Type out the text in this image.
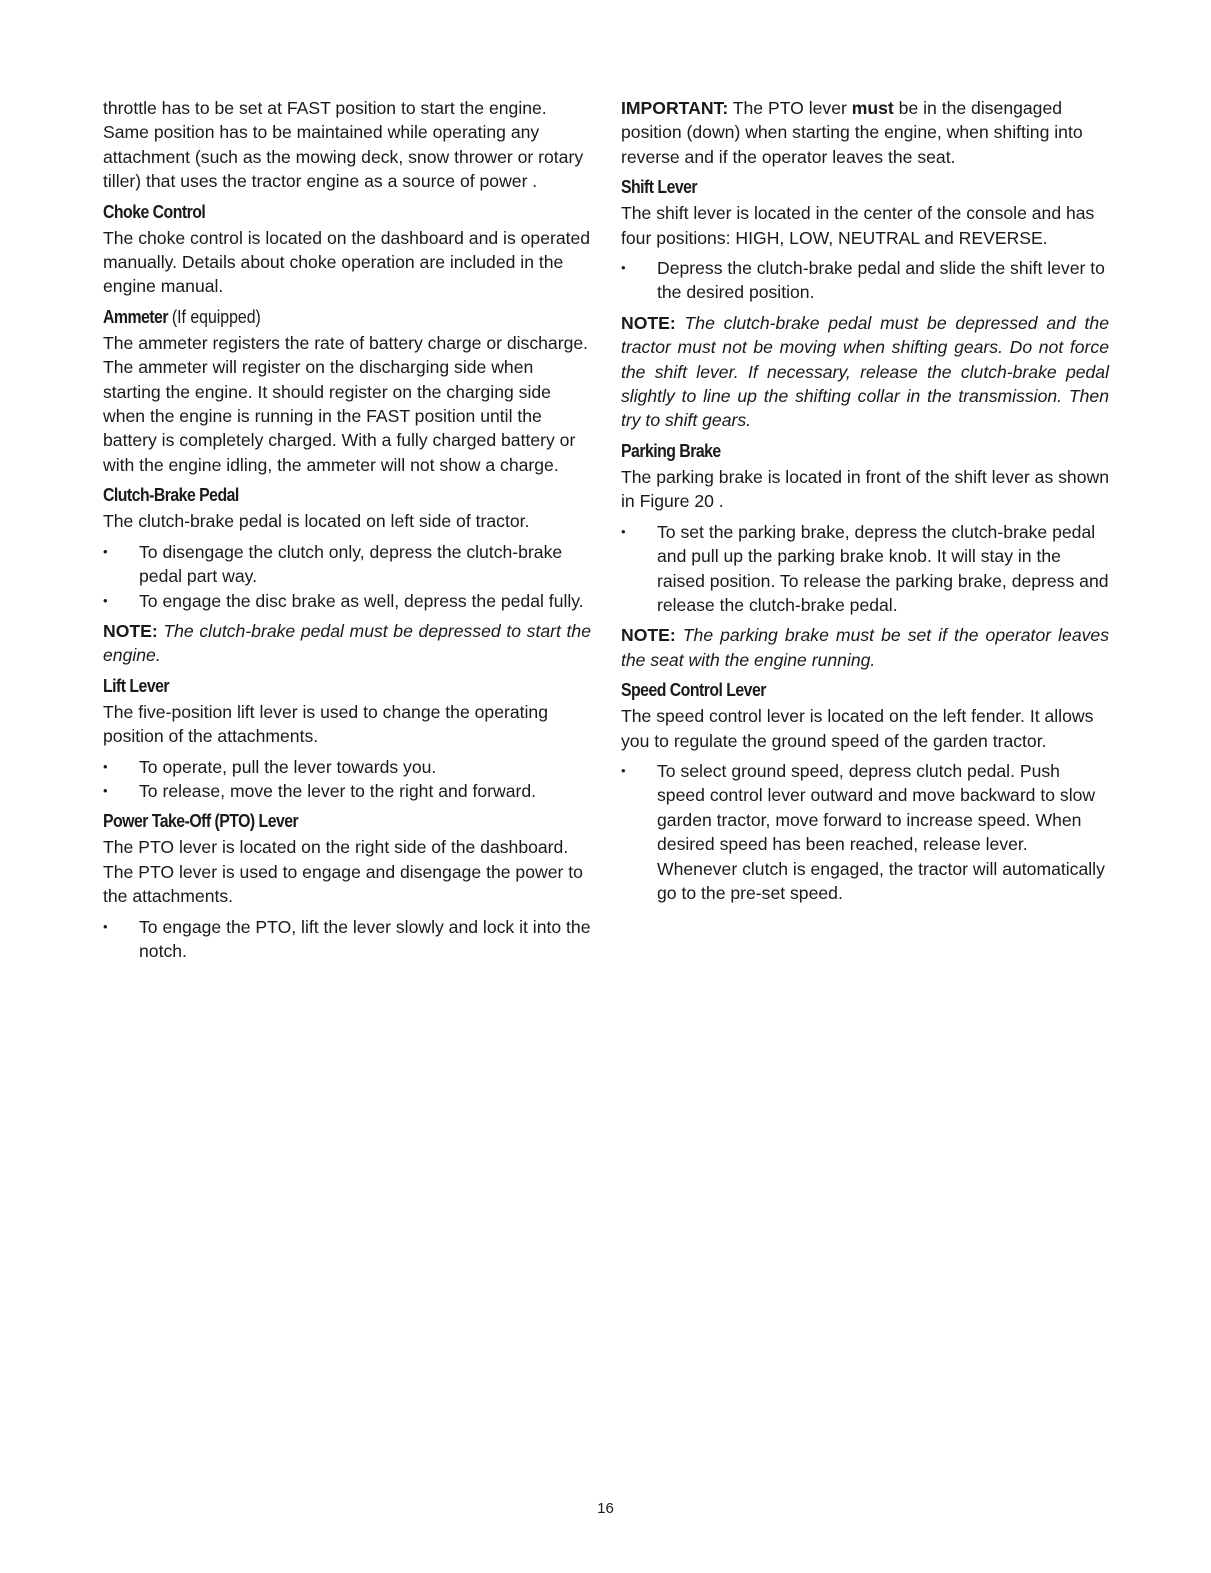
throttle has to be set at FAST position to start the engine. Same position has to be maintained while operating any attachment (such as the mowing deck, snow thrower or rotary tiller) that uses the tractor engine as a source of power .

Choke Control

The choke control is located on the dashboard and is operated manually. Details about choke operation are included in the engine manual.

Ammeter (If equipped)

The ammeter registers the rate of battery charge or discharge. The ammeter will register on the discharging side when starting the engine. It should register on the charging side when the engine is running in the FAST position until the battery is completely charged. With a fully charged battery or with the engine idling, the ammeter will not show a charge.

Clutch-Brake Pedal

The clutch-brake pedal is located on left side of tractor.

• To disengage the clutch only, depress the clutch-brake pedal part way.
• To engage the disc brake as well, depress the pedal fully.

NOTE: The clutch-brake pedal must be depressed to start the engine.

Lift Lever

The five-position lift lever is used to change the operating position of the attachments.

• To operate, pull the lever towards you.
• To release, move the lever to the right and forward.
Power Take-Off (PTO) Lever

The PTO lever is located on the right side of the dashboard. The PTO lever is used to engage and disengage the power to the attachments.

• To engage the PTO, lift the lever slowly and lock it into the notch.

IMPORTANT: The PTO lever must be in the disengaged position (down) when starting the engine, when shifting into reverse and if the operator leaves the seat.

Shift Lever

The shift lever is located in the center of the console and has four positions: HIGH, LOW, NEUTRAL and REVERSE.

• Depress the clutch-brake pedal and slide the shift lever to the desired position.

NOTE: The clutch-brake pedal must be depressed and the tractor must not be moving when shifting gears. Do not force the shift lever. If necessary, release the clutch-brake pedal slightly to line up the shifting collar in the transmission. Then try to shift gears.

Parking Brake

The parking brake is located in front of the shift lever as shown in Figure 20 .

• To set the parking brake, depress the clutch-brake pedal and pull up the parking brake knob. It will stay in the raised position. To release the parking brake, depress and release the clutch-brake pedal.

NOTE: The parking brake must be set if the operator leaves the seat with the engine running.

Speed Control Lever

The speed control lever is located on the left fender. It allows you to regulate the ground speed of the garden tractor.

• To select ground speed, depress clutch pedal. Push speed control lever outward and move backward to slow garden tractor, move forward to increase speed. When desired speed has been reached, release lever. Whenever clutch is engaged, the tractor will automatically go to the pre-set speed.
16
